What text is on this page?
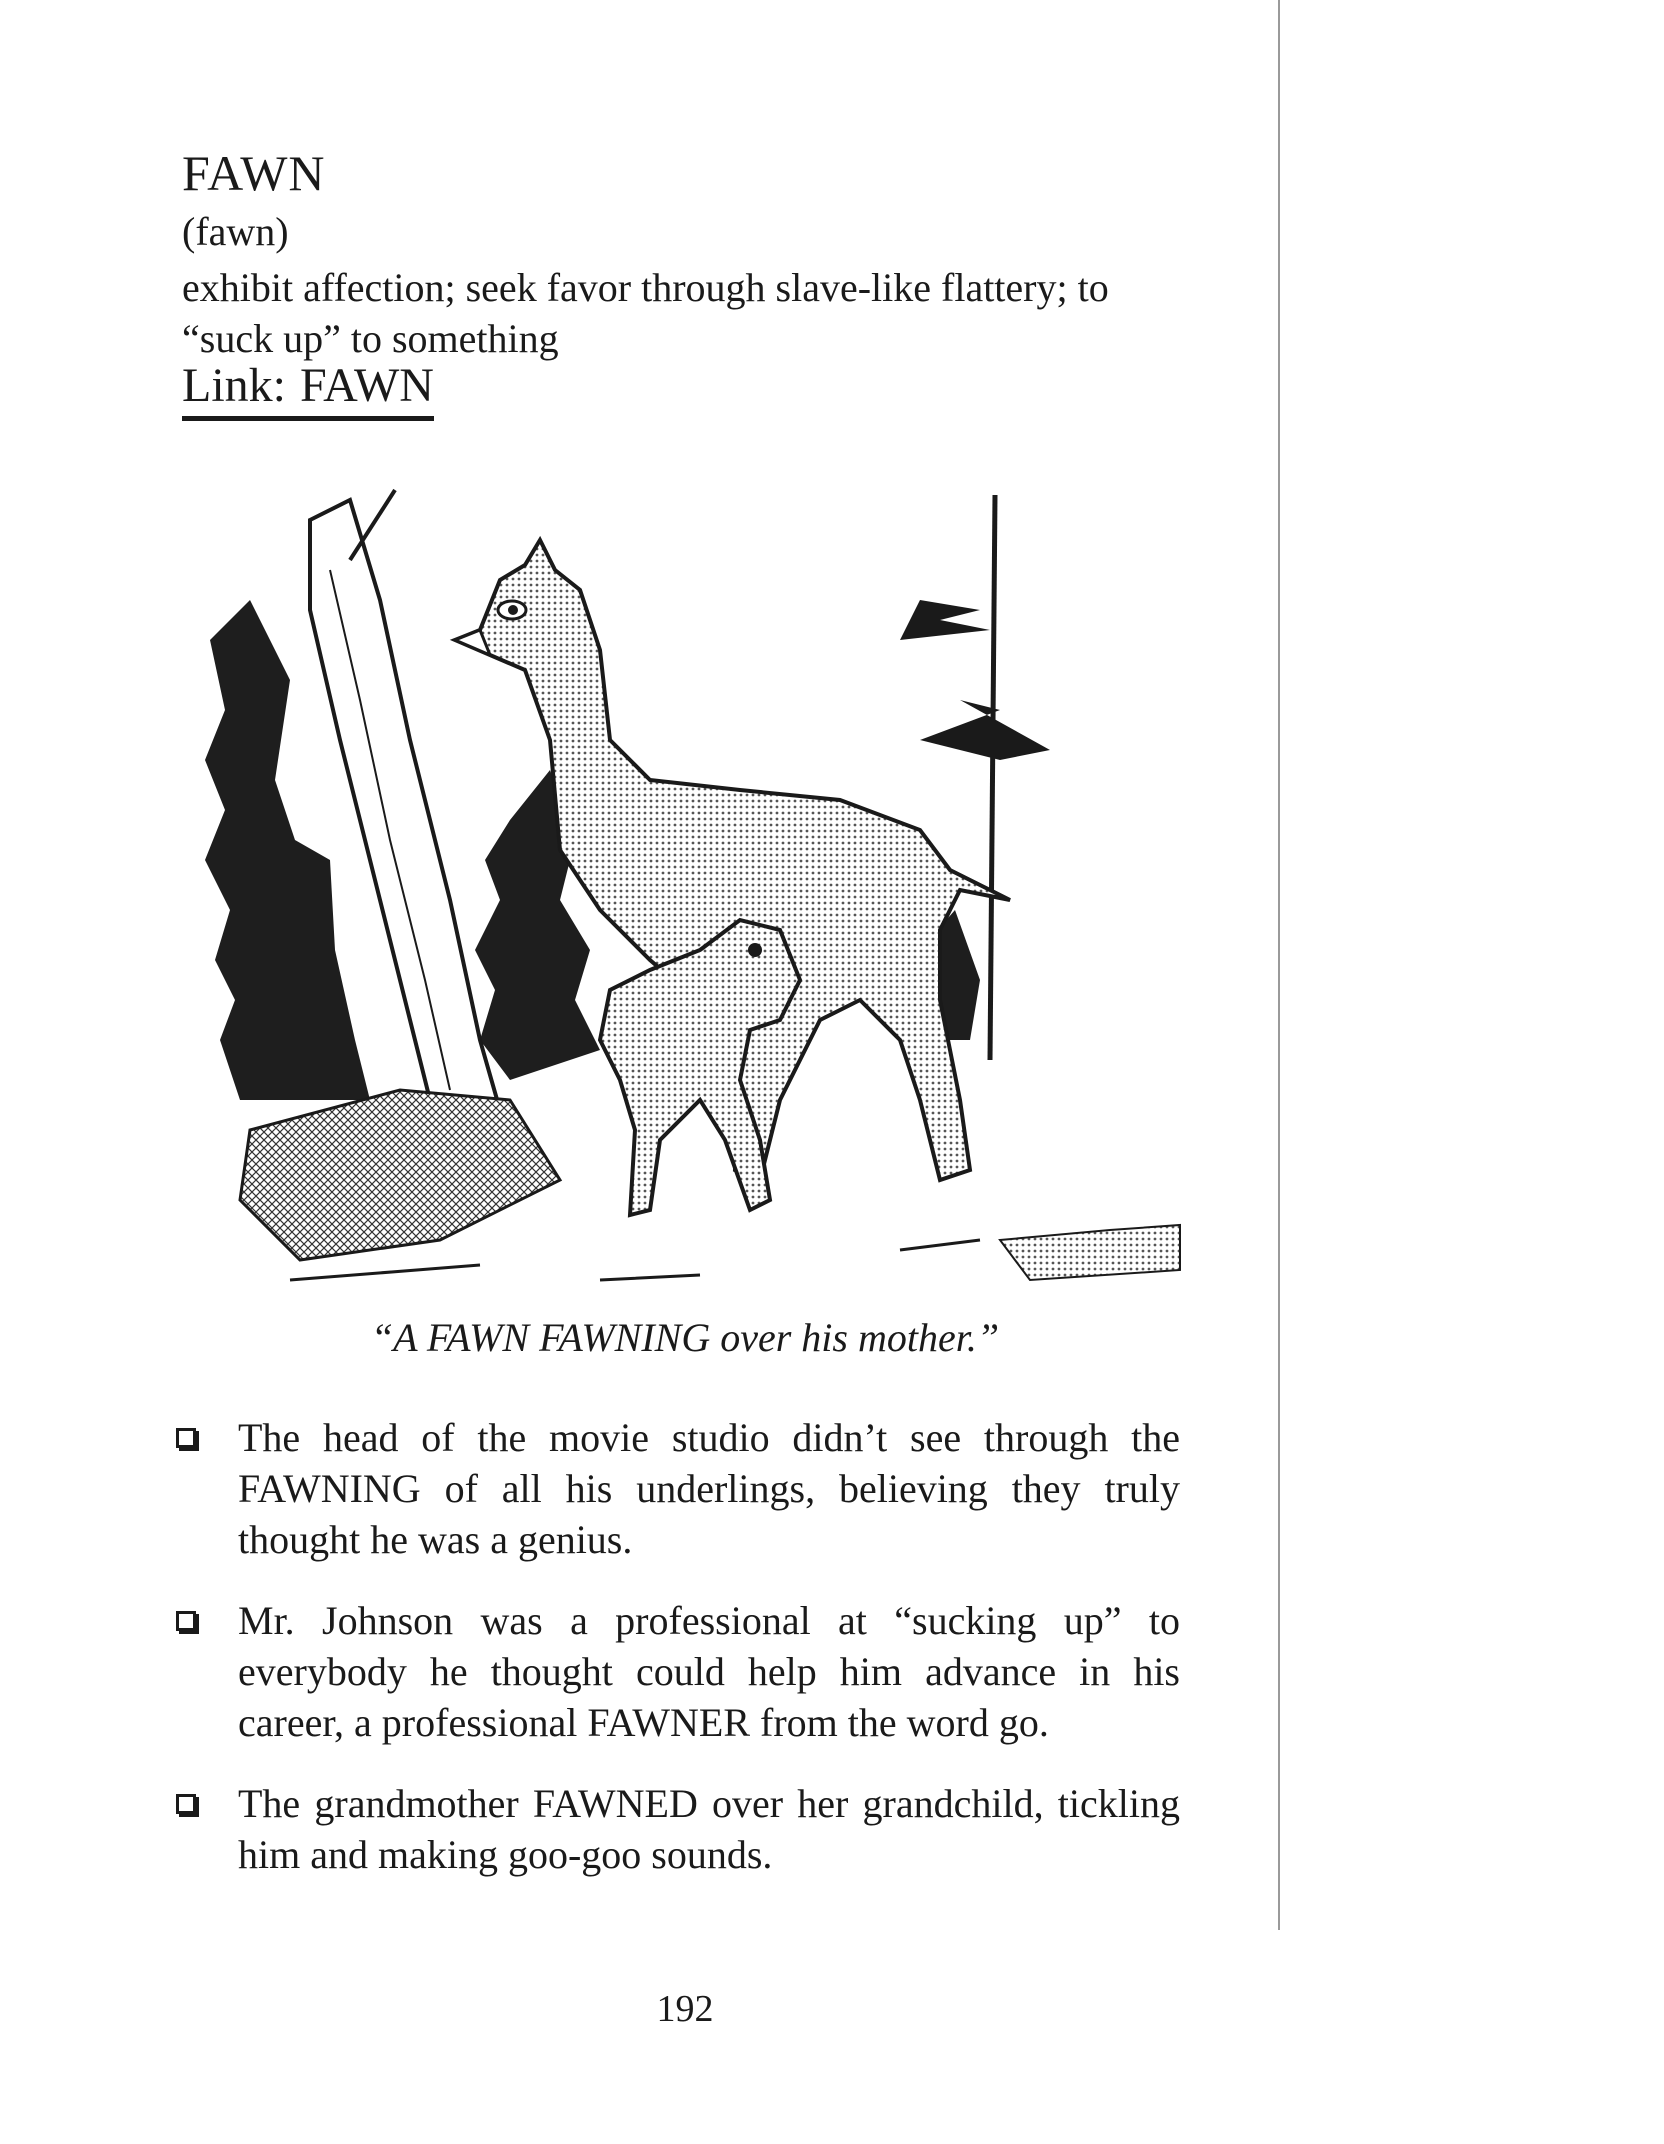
FAWN
(fawn)
exhibit affection; seek favor through slave-like flattery; to “suck up” to something
Link: FAWN
“A FAWN FAWNING over his mother.”
The head of the movie studio didn’t see through the FAWNING of all his underlings, believing they truly thought he was a genius.
Mr. Johnson was a professional at “sucking up” to everybody he thought could help him advance in his career, a professional FAWNER from the word go.
The grandmother FAWNED over her grandchild, tickling him and making goo-goo sounds.
192
